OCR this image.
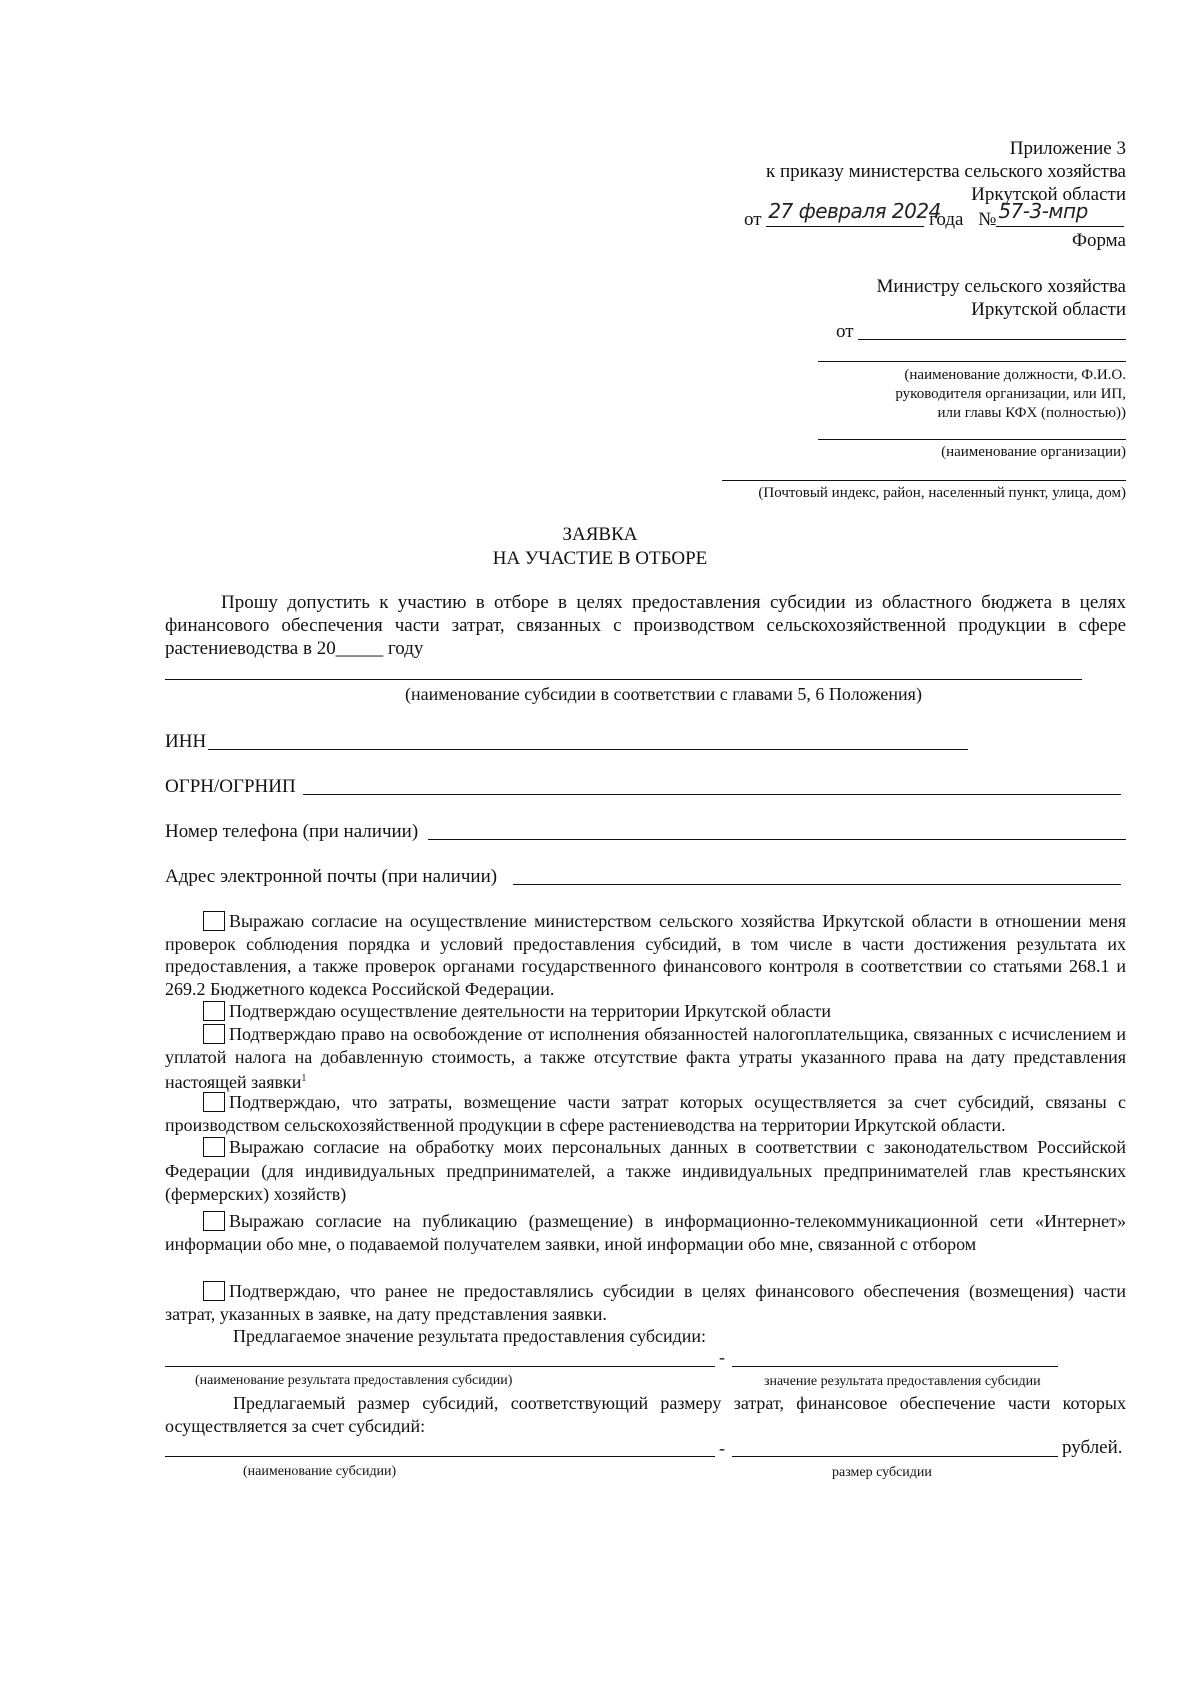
Приложение 3
к приказу министерства сельского хозяйства
Иркутской области
от 27 февраля 2024
года № 57-3-мпр
Форма
Министру сельского хозяйства
Иркутской области
от
(наименование должности, Ф.И.О.
руководителя организации, или ИП,
или главы КФХ (полностью))
(наименование организации)
(Почтовый индекс, район, населенный пункт, улица, дом)
ЗАЯВКА
НА УЧАСТИЕ В ОТБОРЕ
Прошу допустить к участию в отборе в целях предоставления субсидии из областного бюджета в целях финансового обеспечения части затрат, связанных с производством сельскохозяйственной продукции в сфере растениеводства в 20_____ году
(наименование субсидии в соответствии с главами 5, 6 Положения)
ИНН
ОГРН/ОГРНИП
Номер телефона (при наличии)
Адрес электронной почты (при наличии)
Выражаю согласие на осуществление министерством сельского хозяйства Иркутской области в отношении меня проверок соблюдения порядка и условий предоставления субсидий, в том числе в части достижения результата их предоставления, а также проверок органами государственного финансового контроля в соответствии со статьями 268.1 и 269.2 Бюджетного кодекса Российской Федерации.
Подтверждаю осуществление деятельности на территории Иркутской области
Подтверждаю право на освобождение от исполнения обязанностей налогоплательщика, связанных с исчислением и уплатой налога на добавленную стоимость, а также отсутствие факта утраты указанного права на дату представления настоящей заявки$^1$
Подтверждаю, что затраты, возмещение части затрат которых осуществляется за счет субсидий, связаны с производством сельскохозяйственной продукции в сфере растениеводства на территории Иркутской области.
Выражаю согласие на обработку моих персональных данных в соответствии с законодательством Российской Федерации (для индивидуальных предпринимателей, а также индивидуальных предпринимателей глав крестьянских (фермерских) хозяйств)
Выражаю согласие на публикацию (размещение) в информационно-телекоммуникационной сети «Интернет» информации обо мне, о подаваемой получателем заявки, иной информации обо мне, связанной с отбором
Подтверждаю, что ранее не предоставлялись субсидии в целях финансового обеспечения (возмещения) части затрат, указанных в заявке, на дату представления заявки.
Предлагаемое значение результата предоставления субсидии:
-
(наименование результата предоставления субсидии)	значение результата предоставления субсидии
Предлагаемый размер субсидий, соответствующий размеру затрат, финансовое обеспечение части которых осуществляется за счет субсидий:
-	рублей.
(наименование субсидии)	размер субсидии
